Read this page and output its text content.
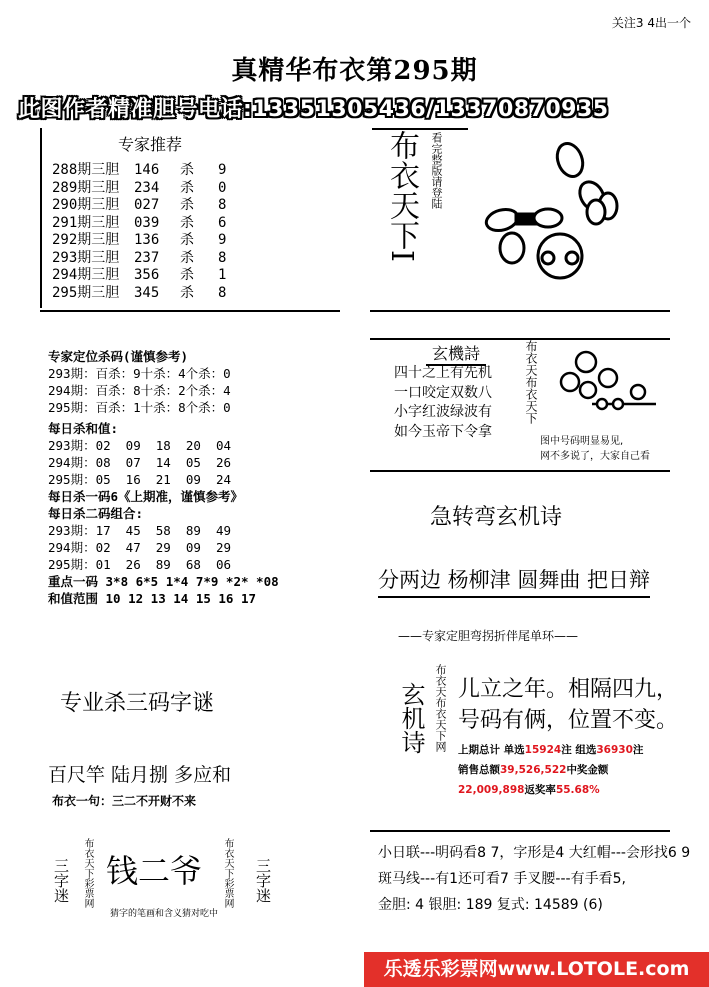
关注3 4出一个
真精华布衣第295期
此图作者精准胆号电话:13351305436/13370870935
专家推荐
288期三胆 146 杀 9
289期三胆 234 杀 0
290期三胆 027 杀 8
291期三胆 039 杀 6
292期三胆 136 杀 9
293期三胆 237 杀 8
294期三胆 356 杀 1
295期三胆 345 杀 8
专家定位杀码(谨慎参考)
293期：百杀：9十杀：4个杀：0
294期：百杀：8十杀：2个杀：4
295期：百杀：1十杀：8个杀：0
每日杀和值:
293期：02  09  18  20  04
294期：08  07  14  05  26
295期：05  16  21  09  24
每日杀一码6《上期准，谨慎参考》
每日杀二码组合:
293期：17  45  58  89  49
294期：02  47  29  09  29
295期：01  26  89  68  06
重点一码 3*8 6*5 1*4 7*9 *2* *08
和值范围 10 12 13 14 15 16 17
专业杀三码字谜
百尺竿 陆月捌 多应和
布衣一句：三二不开财不来
三字迷 布衣天下彩票网 钱二爷
猜字的笔画和含义猜对吃中
布衣天下彩票网 三字迷
布衣天下I 看完整版请登陆
玄機詩
四十之上有先机
一口咬定双数八
小字红波绿波有
如今玉帝下令拿
布衣天布衣天下
图中号码明显易见,
网不多说了，大家自己看
急转弯玄机诗
分两边 杨柳津 圆舞曲 把日辩
——专家定胆弯拐折伴尾单环——
玄机诗 布衣天布衣天下网 儿立之年。相隔四九，
号码有俩，位置不变。
上期总计 单选15924注 组选36930注
销售总额39,526,522中奖金额
22,009,898返奖率55.68%
小日联---明码看8 7，字形是4 大红帽---会形找6 9
斑马线---有1还可看7 手叉腰---有手看5,
金胆: 4 银胆: 189 复式: 14589 (6)
乐透乐彩票网www.LOTOLE.com
